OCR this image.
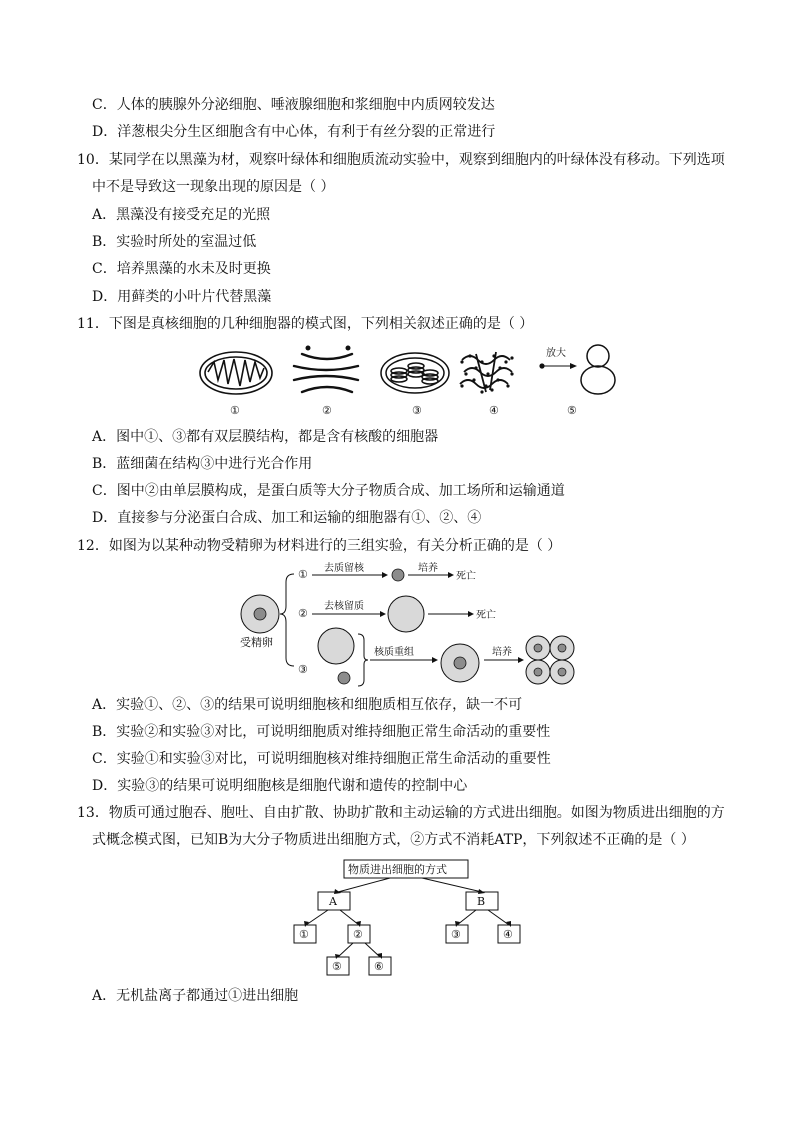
C．人体的胰腺外分泌细胞、唾液腺细胞和浆细胞中内质网较发达
D．洋葱根尖分生区细胞含有中心体，有利于有丝分裂的正常进行
10．某同学在以黑藻为材，观察叶绿体和细胞质流动实验中，观察到细胞内的叶绿体没有移动。下列选项
中不是导致这一现象出现的原因是（ ）
A．黑藻没有接受充足的光照
B．实验时所处的室温过低
C．培养黑藻的水未及时更换
D．用藓类的小叶片代替黑藻
11．下图是真核细胞的几种细胞器的模式图，下列相关叙述正确的是（ ）
放大
①	②	③	④	⑤
A．图中①、③都有双层膜结构，都是含有核酸的细胞器
B．蓝细菌在结构③中进行光合作用
C．图中②由单层膜构成，是蛋白质等大分子物质合成、加工场所和运输通道
D．直接参与分泌蛋白合成、加工和运输的细胞器有①、②、④
12．如图为以某种动物受精卵为材料进行的三组实验，有关分析正确的是（ ）
受精卵
① 去质留核	培养
死亡
②
去核留质
死亡
③
核质重组	培养
A．实验①、②、③的结果可说明细胞核和细胞质相互依存，缺一不可
B．实验②和实验③对比，可说明细胞质对维持细胞正常生命活动的重要性
C．实验①和实验③对比，可说明细胞核对维持细胞正常生命活动的重要性
D．实验③的结果可说明细胞核是细胞代谢和遗传的控制中心
13．物质可通过胞吞、胞吐、自由扩散、协助扩散和主动运输的方式进出细胞。如图为物质进出细胞的方
式概念模式图，已知B为大分子物质进出细胞方式，②方式不消耗ATP，下列叙述不正确的是（ ）
物质进出细胞的方式
A	B
①	②	③	④
⑤	⑥
A．无机盐离子都通过①进出细胞
